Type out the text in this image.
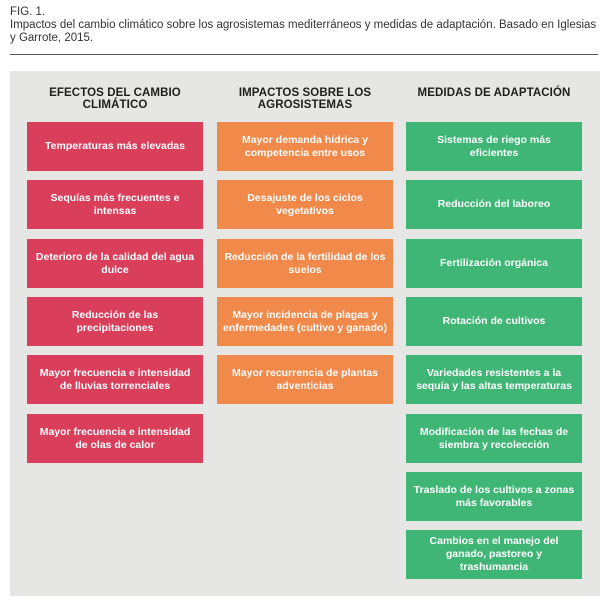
FIG. 1.
Impactos del cambio climático sobre los agrosistemas mediterráneos y medidas de adaptación. Basado en Iglesias y Garrote, 2015.
EFECTOS DEL CAMBIO CLIMÁTICO
IMPACTOS SOBRE LOS AGROSISTEMAS
MEDIDAS DE ADAPTACIÓN
Temperaturas más elevadas
Sequías más frecuentes e intensas
Deterioro de la calidad del agua dulce
Reducción de las precipitaciones
Mayor frecuencia e intensidad de lluvias torrenciales
Mayor frecuencia e intensidad de olas de calor
Mayor demanda hídrica y competencia entre usos
Desajuste de los ciclos vegetativos
Reducción de la fertilidad de los suelos
Mayor incidencia de plagas y enfermedades (cultivo y ganado)
Mayor recurrencia de plantas adventicias
Sistemas de riego más eficientes
Reducción del laboreo
Fertilización orgánica
Rotación de cultivos
Variedades resistentes a la sequía y las altas temperaturas
Modificación de las fechas de siembra y recolección
Traslado de los cultivos a zonas más favorables
Cambios en el manejo del ganado, pastoreo y trashumancia
